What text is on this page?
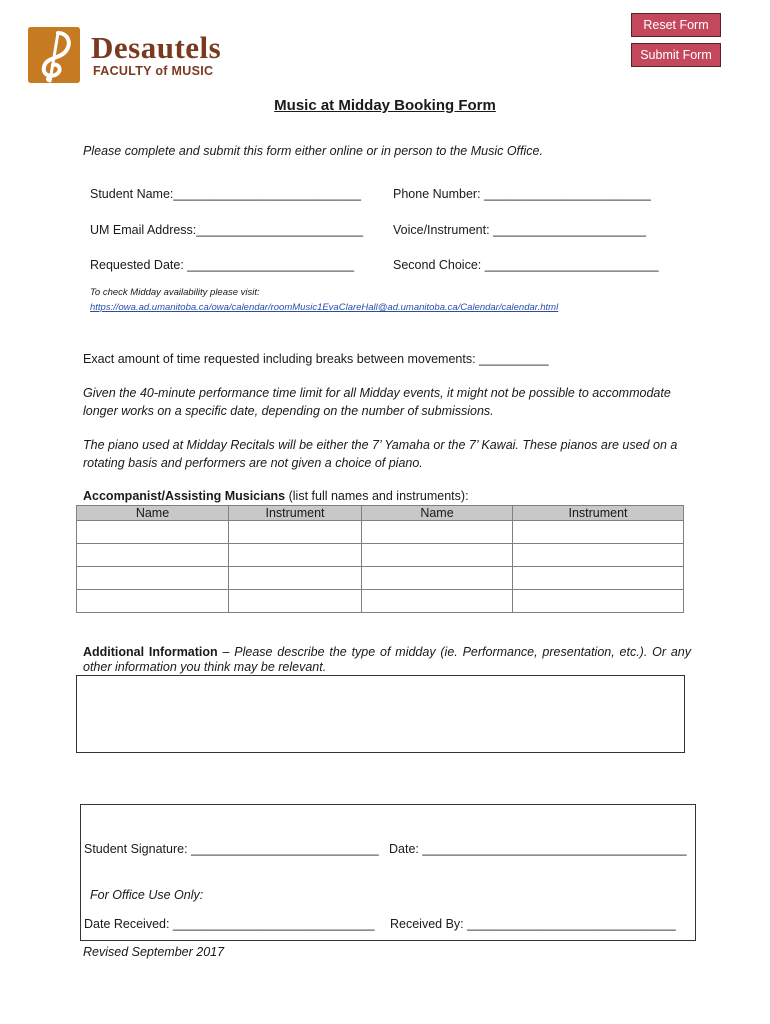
Reset Form
Submit Form
Desautels
FACULTY of MUSIC
Music at Midday Booking Form
Please complete and submit this form either online or in person to the Music Office.
Student Name:___________________________	Phone Number: ________________________
UM Email Address:________________________ Voice/Instrument: ______________________
Requested Date: ________________________	Second Choice: _________________________
To check Midday availability please visit:
https://owa.ad.umanitoba.ca/owa/calendar/roomMusic1EvaClareHall@ad.umanitoba.ca/Calendar/calendar.html
Exact amount of time requested including breaks between movements: __________
Given the 40-minute performance time limit for all Midday events, it might not be possible to accommodate longer works on a specific date, depending on the number of submissions.
The piano used at Midday Recitals will be either the 7’ Yamaha or the 7’ Kawai. These pianos are used on a rotating basis and performers are not given a choice of piano.
Accompanist/Assisting Musicians (list full names and instruments):
Name	Instrument	Name	Instrument

Additional Information – Please describe the type of midday (ie. Performance, presentation, etc.). Or any other information you think may be relevant.
Student Signature: ___________________________ Date: ______________________________________
For Office Use Only:
Date Received: _____________________________ Received By: ______________________________
Revised September 2017
